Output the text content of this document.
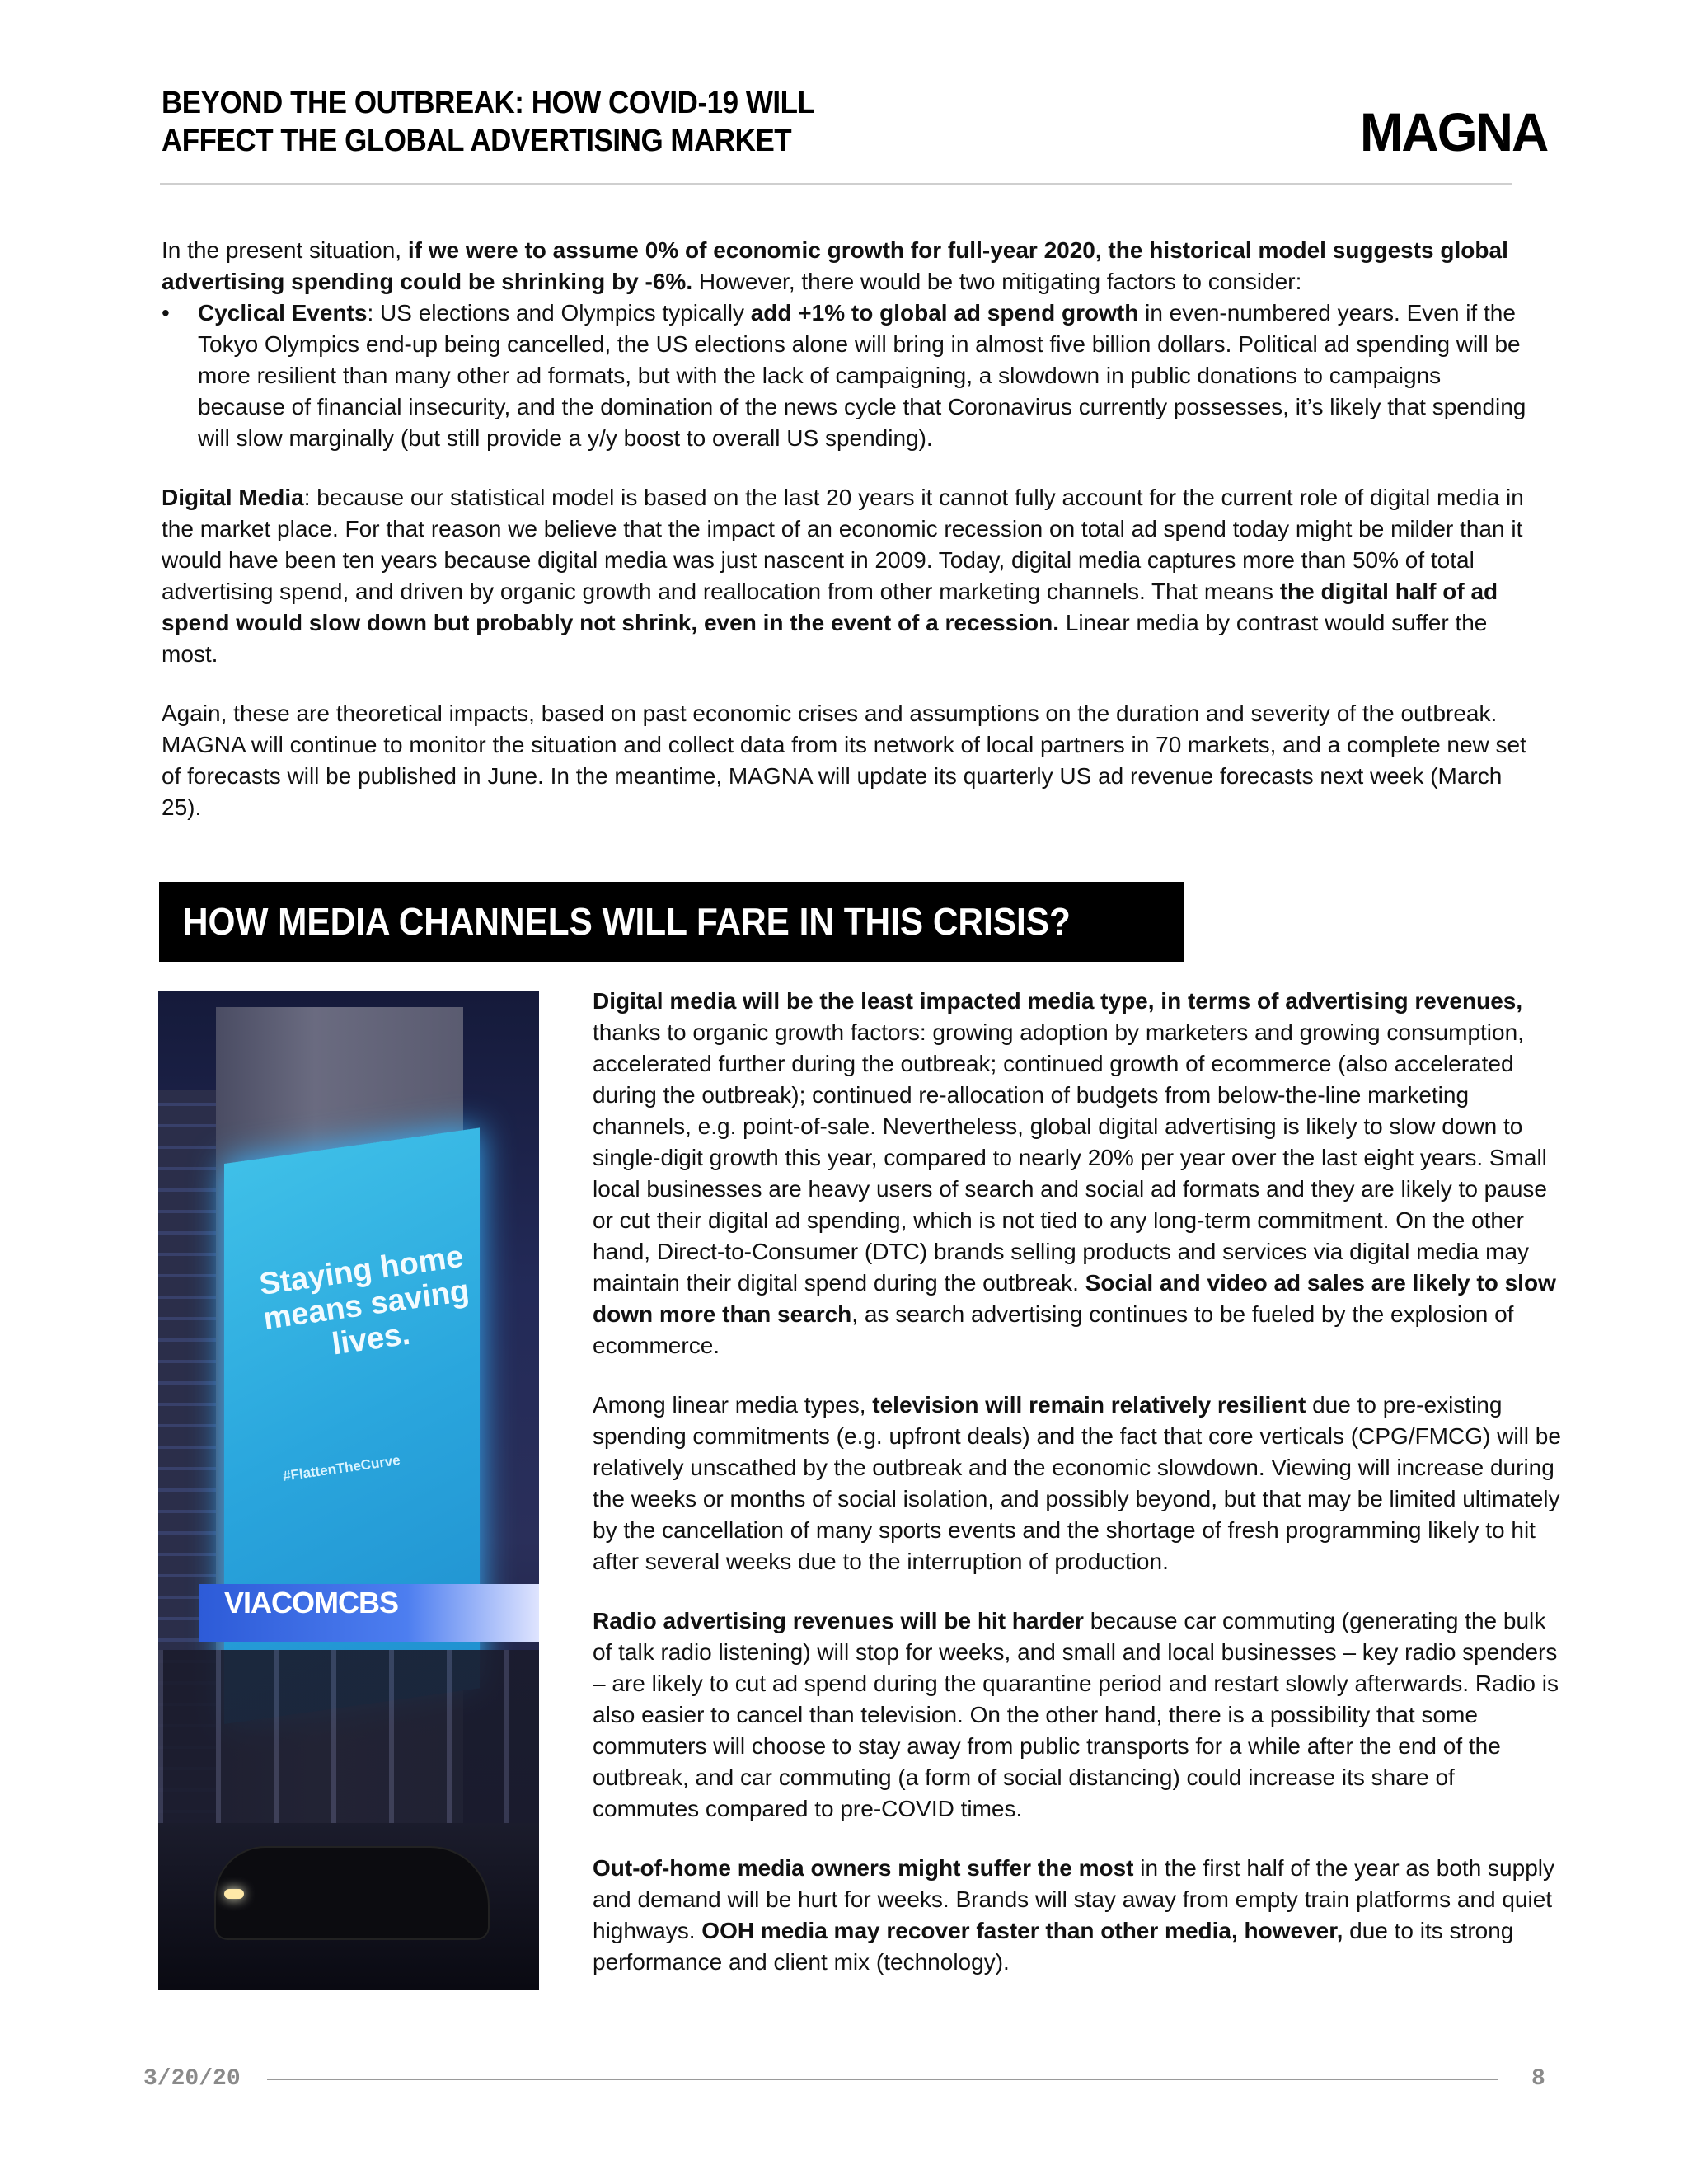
BEYOND THE OUTBREAK: HOW COVID-19 WILL
AFFECT THE GLOBAL ADVERTISING MARKET	MAGNA

In the present situation, if we were to assume 0% of economic growth for full-year 2020, the historical model suggests global advertising spending could be shrinking by -6%. However, there would be two mitigating factors to consider:

•	Cyclical Events: US elections and Olympics typically add +1% to global ad spend growth in even-numbered years. Even if the Tokyo Olympics end-up being cancelled, the US elections alone will bring in almost five billion dollars. Political ad spending will be more resilient than many other ad formats, but with the lack of campaigning, a slowdown in public donations to campaigns because of financial insecurity, and the domination of the news cycle that Coronavirus currently possesses, it’s likely that spending will slow marginally (but still provide a y/y boost to overall US spending).

Digital Media: because our statistical model is based on the last 20 years it cannot fully account for the current role of digital media in the market place. For that reason we believe that the impact of an economic recession on total ad spend today might be milder than it would have been ten years because digital media was just nascent in 2009. Today, digital media captures more than 50% of total advertising spend, and driven by organic growth and reallocation from other marketing channels. That means the digital half of ad spend would slow down but probably not shrink, even in the event of a recession. Linear media by contrast would suffer the most.

Again, these are theoretical impacts, based on past economic crises and assumptions on the duration and severity of the outbreak. MAGNA will continue to monitor the situation and collect data from its network of local partners in 70 markets, and a complete new set of forecasts will be published in June. In the meantime, MAGNA will update its quarterly US ad revenue forecasts next week (March 25).

HOW MEDIA CHANNELS WILL FARE IN THIS CRISIS?
Staying home means saving lives.
#FlattenTheCurve
VIACOMCBS

Digital media will be the least impacted media type, in terms of advertising revenues, thanks to organic growth factors: growing adoption by marketers and growing consumption, accelerated further during the outbreak; continued growth of ecommerce (also accelerated during the outbreak); continued re-allocation of budgets from below-the-line marketing channels, e.g. point-of-sale. Nevertheless, global digital advertising is likely to slow down to single-digit growth this year, compared to nearly 20% per year over the last eight years. Small local businesses are heavy users of search and social ad formats and they are likely to pause or cut their digital ad spending, which is not tied to any long-term commitment. On the other hand, Direct-to-Consumer (DTC) brands selling products and services via digital media may maintain their digital spend during the outbreak. Social and video ad sales are likely to slow down more than search, as search advertising continues to be fueled by the explosion of ecommerce.

Among linear media types, television will remain relatively resilient due to pre-existing spending commitments (e.g. upfront deals) and the fact that core verticals (CPG/FMCG) will be relatively unscathed by the outbreak and the economic slowdown. Viewing will increase during the weeks or months of social isolation, and possibly beyond, but that may be limited ultimately by the cancellation of many sports events and the shortage of fresh programming likely to hit after several weeks due to the interruption of production.

Radio advertising revenues will be hit harder because car commuting (generating the bulk of talk radio listening) will stop for weeks, and small and local businesses – key radio spenders – are likely to cut ad spend during the quarantine period and restart slowly afterwards. Radio is also easier to cancel than television. On the other hand, there is a possibility that some commuters will choose to stay away from public transports for a while after the end of the outbreak, and car commuting (a form of social distancing) could increase its share of commutes compared to pre-COVID times.

Out-of-home media owners might suffer the most in the first half of the year as both supply and demand will be hurt for weeks. Brands will stay away from empty train platforms and quiet highways. OOH media may recover faster than other media, however, due to its strong performance and client mix (technology).

3/20/20	8
